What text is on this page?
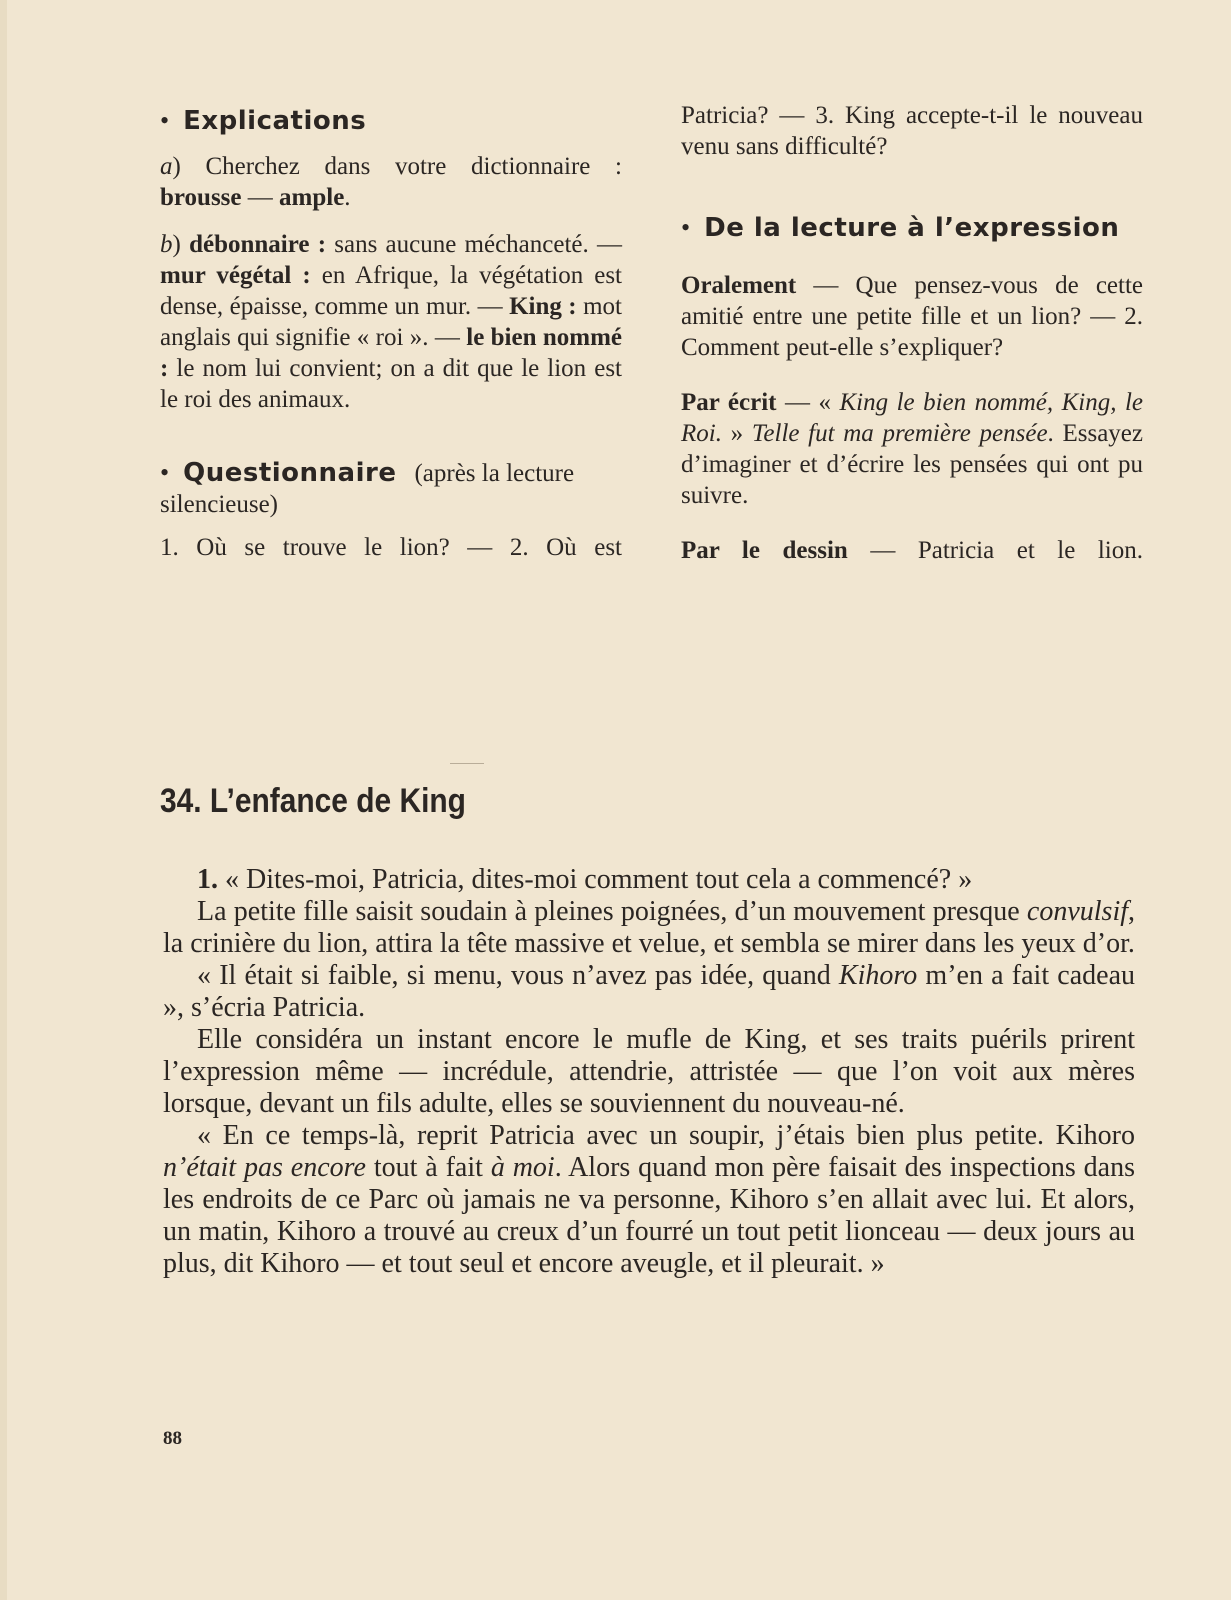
• Explications

a) Cherchez dans votre dictionnaire :

brousse — ample.

b) débonnaire : sans aucune méchanceté. — mur végétal : en Afrique, la végétation est dense, épaisse, comme un mur. — King : mot anglais qui signifie « roi ». — le bien nommé : le nom lui convient; on a dit que le lion est le roi des animaux.

• Questionnaire (après la lecture silencieuse)

1. Où se trouve le lion? — 2. Où est

Patricia? — 3. King accepte-t-il le nouveau venu sans difficulté?

• De la lecture à l’expression

Oralement — Que pensez-vous de cette amitié entre une petite fille et un lion? — 2. Comment peut-elle s’expliquer?

Par écrit — « King le bien nommé, King, le Roi. » Telle fut ma première pensée. Essayez d’imaginer et d’écrire les pensées qui ont pu suivre.

Par le dessin — Patricia et le lion.

34. L’enfance de King

1. « Dites-moi, Patricia, dites-moi comment tout cela a commencé? »

La petite fille saisit soudain à pleines poignées, d’un mouvement presque convulsif, la crinière du lion, attira la tête massive et velue, et sembla se mirer dans les yeux d’or.

« Il était si faible, si menu, vous n’avez pas idée, quand Kihoro m’en a fait cadeau », s’écria Patricia.

Elle considéra un instant encore le mufle de King, et ses traits puérils prirent l’expression même — incrédule, attendrie, attristée — que l’on voit aux mères lorsque, devant un fils adulte, elles se souviennent du nouveau-né.

« En ce temps-là, reprit Patricia avec un soupir, j’étais bien plus petite. Kihoro n’était pas encore tout à fait à moi. Alors quand mon père faisait des inspections dans les endroits de ce Parc où jamais ne va personne, Kihoro s’en allait avec lui. Et alors, un matin, Kihoro a trouvé au creux d’un fourré un tout petit lionceau — deux jours au plus, dit Kihoro — et tout seul et encore aveugle, et il pleurait. »

88
